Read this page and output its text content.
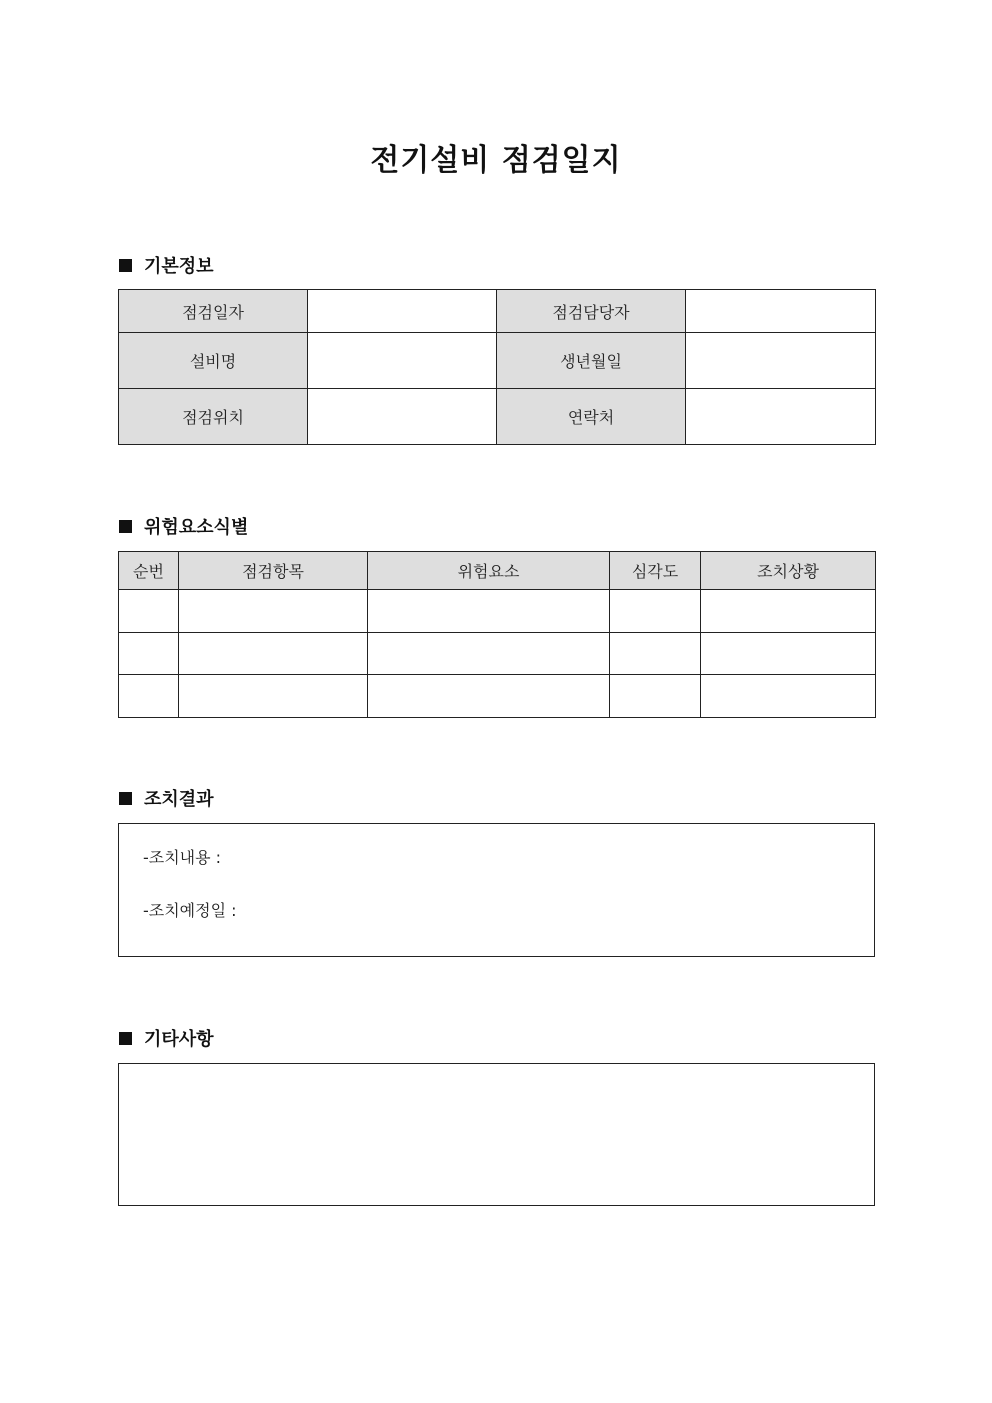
전기설비 점검일지
기본정보
점검일자		점검담당자	
설비명		생년월일	
점검위치		연락처	
위험요소식별
순번	점검항목	위험요소	심각도	조치상황

조치결과
-조치내용 :
-조치예정일 :
기타사항
